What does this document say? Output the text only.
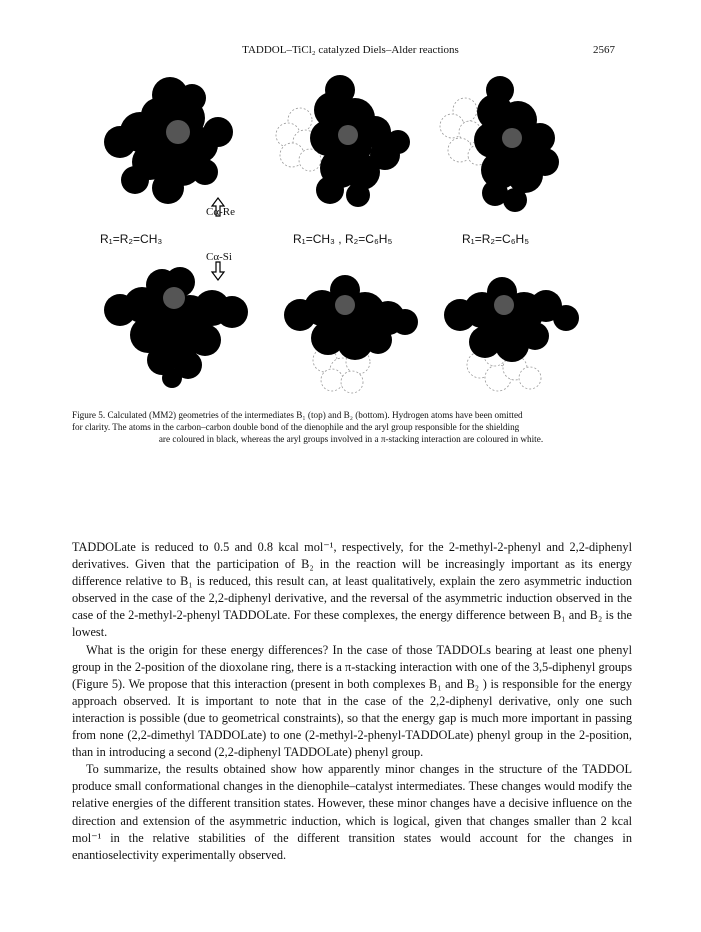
TADDOL–TiCl₂ catalyzed Diels–Alder reactions	2567
Cα-Re
Cα-Si
R₁=R₂=CH₃	R₁=CH₃ , R₂=C₆H₅	R₁=R₂=C₆H₅
Figure 5. Calculated (MM2) geometries of the intermediates B₁ (top) and B₂ (bottom). Hydrogen atoms have been omitted
for clarity. The atoms in the carbon–carbon double bond of the dienophile and the aryl group responsible for the shielding
are coloured in black, whereas the aryl groups involved in a π-stacking interaction are coloured in white.

TADDOLate is reduced to 0.5 and 0.8 kcal mol⁻¹, respectively, for the 2-methyl-2-phenyl and 2,2-diphenyl derivatives. Given that the participation of B₂ in the reaction will be increasingly important as its energy difference relative to B₁ is reduced, this result can, at least qualitatively, explain the zero asymmetric induction observed in the case of the 2,2-diphenyl derivative, and the reversal of the asymmetric induction observed in the case of the 2-methyl-2-phenyl TADDOLate. For these complexes, the energy difference between B₁ and B₂ is the lowest.

What is the origin for these energy differences? In the case of those TADDOLs bearing at least one phenyl group in the 2-position of the dioxolane ring, there is a π-stacking interaction with one of the 3,5-diphenyl groups (Figure 5). We propose that this interaction (present in both complexes B₁ and B₂ ) is responsible for the energy approach observed. It is important to note that in the case of the 2,2-diphenyl derivative, only one such interaction is possible (due to geometrical constraints), so that the energy gap is much more important in passing from none (2,2-dimethyl TADDOLate) to one (2-methyl-2-phenyl-TADDOLate) phenyl group in the 2-position, than in introducing a second (2,2-diphenyl TADDOLate) phenyl group.

To summarize, the results obtained show how apparently minor changes in the structure of the TADDOL produce small conformational changes in the dienophile–catalyst intermediates. These changes would modify the relative energies of the different transition states. However, these minor changes have a decisive influence on the direction and extension of the asymmetric induction, which is logical, given that changes smaller than 2 kcal mol⁻¹ in the relative stabilities of the different transition states would account for the changes in enantioselectivity experimentally observed.
